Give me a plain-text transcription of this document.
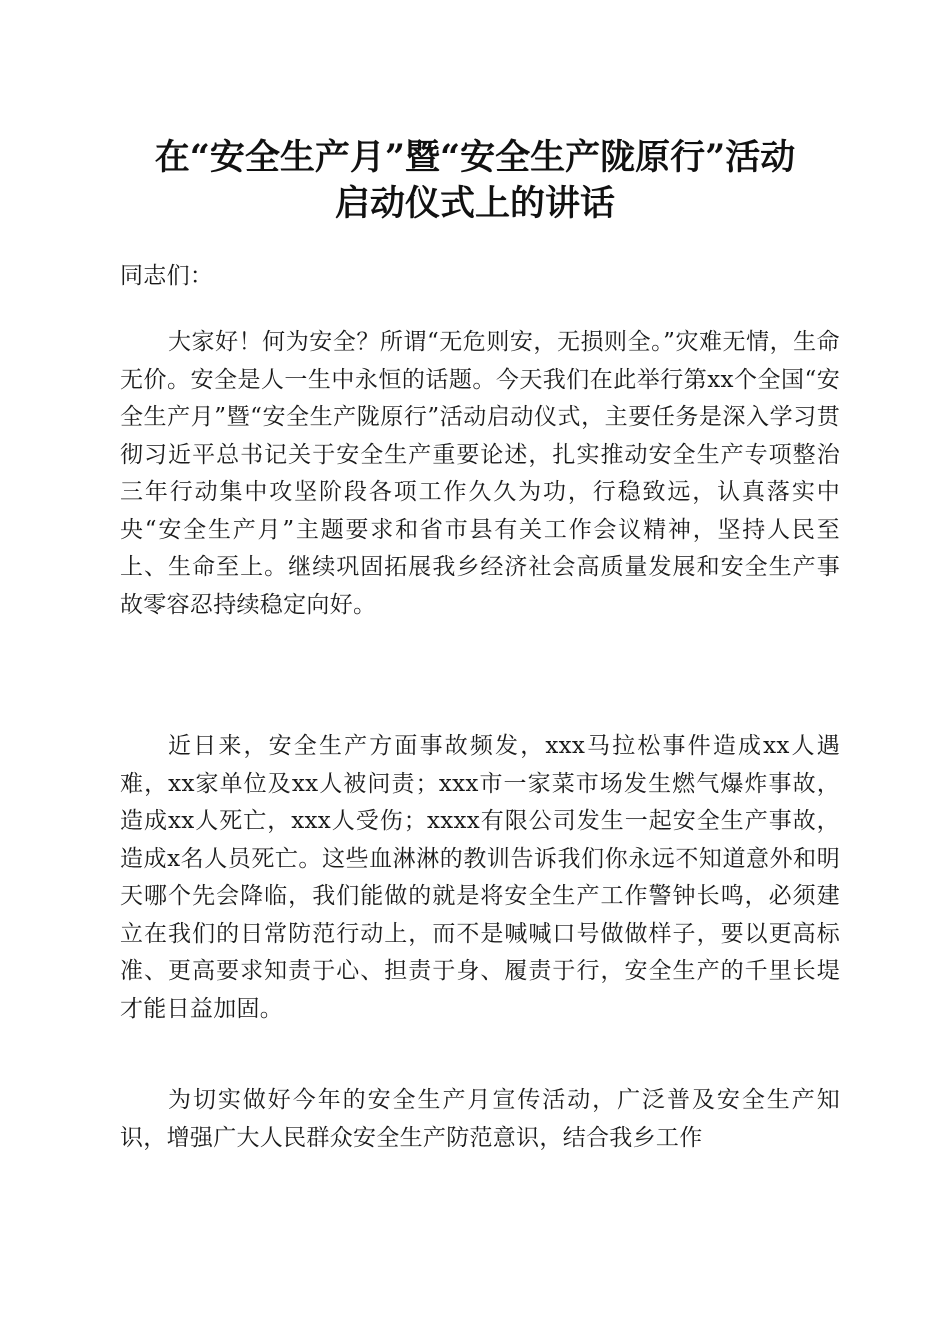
在“安全生产月”暨“安全生产陇原行”活动
启动仪式上的讲话
同志们：
大家好！何为安全？所谓“无危则安，无损则全。”灾难无情，生命无价。安全是人一生中永恒的话题。今天我们在此举行第xx个全国“安全生产月”暨“安全生产陇原行”活动启动仪式，主要任务是深入学习贯彻习近平总书记关于安全生产重要论述，扎实推动安全生产专项整治三年行动集中攻坚阶段各项工作久久为功，行稳致远，认真落实中央“安全生产月”主题要求和省市县有关工作会议精神，坚持人民至上、生命至上。继续巩固拓展我乡经济社会高质量发展和安全生产事故零容忍持续稳定向好。
近日来，安全生产方面事故频发，xxx马拉松事件造成xx人遇难，xx家单位及xx人被问责；xxx市一家菜市场发生燃气爆炸事故，造成xx人死亡，xxx人受伤；xxxx有限公司发生一起安全生产事故，造成x名人员死亡。这些血淋淋的教训告诉我们你永远不知道意外和明天哪个先会降临，我们能做的就是将安全生产工作警钟长鸣，必须建立在我们的日常防范行动上，而不是喊喊口号做做样子，要以更高标准、更高要求知责于心、担责于身、履责于行，安全生产的千里长堤才能日益加固。
为切实做好今年的安全生产月宣传活动，广泛普及安全生产知识，增强广大人民群众安全生产防范意识，结合我乡工作
